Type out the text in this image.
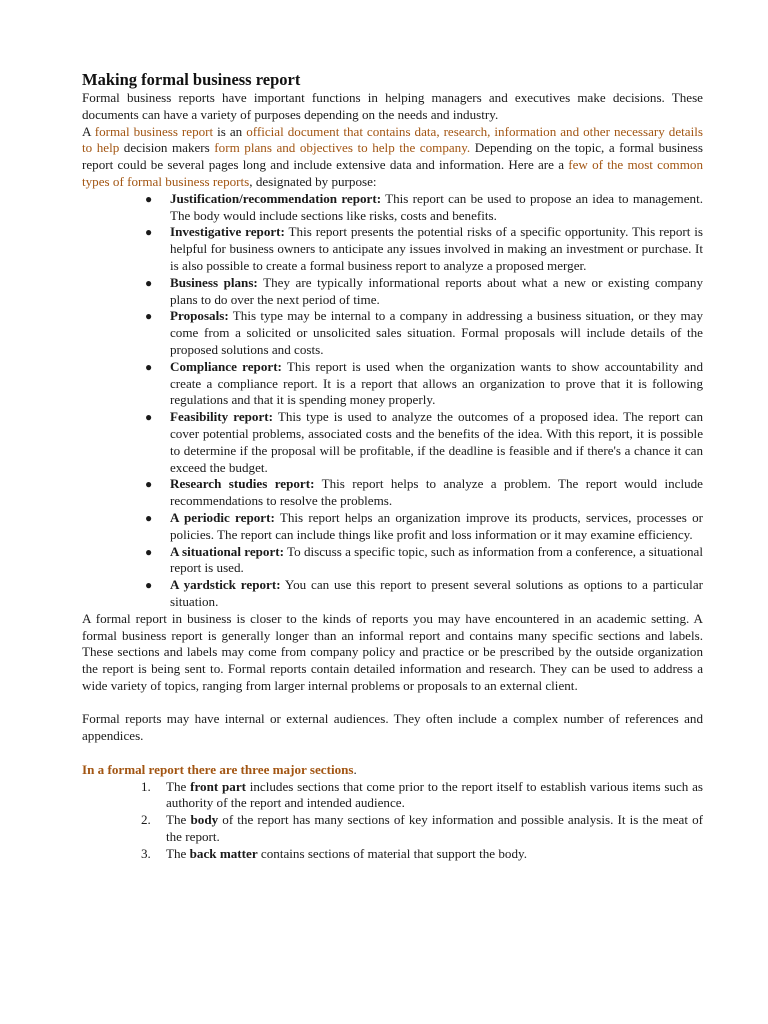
Making formal business report

Formal business reports have important functions in helping managers and executives make decisions. These documents can have a variety of purposes depending on the needs and industry.

A formal business report is an official document that contains data, research, information and other necessary details to help decision makers form plans and objectives to help the company. Depending on the topic, a formal business report could be several pages long and include extensive data and information. Here are a few of the most common types of formal business reports, designated by purpose:

● Justification/recommendation report: This report can be used to propose an idea to management. The body would include sections like risks, costs and benefits.
● Investigative report: This report presents the potential risks of a specific opportunity. This report is helpful for business owners to anticipate any issues involved in making an investment or purchase. It is also possible to create a formal business report to analyze a proposed merger.
● Business plans: They are typically informational reports about what a new or existing company plans to do over the next period of time.
● Proposals: This type may be internal to a company in addressing a business situation, or they may come from a solicited or unsolicited sales situation. Formal proposals will include details of the proposed solutions and costs.
● Compliance report: This report is used when the organization wants to show accountability and create a compliance report. It is a report that allows an organization to prove that it is following regulations and that it is spending money properly.
● Feasibility report: This type is used to analyze the outcomes of a proposed idea. The report can cover potential problems, associated costs and the benefits of the idea. With this report, it is possible to determine if the proposal will be profitable, if the deadline is feasible and if there's a chance it can exceed the budget.
● Research studies report: This report helps to analyze a problem. The report would include recommendations to resolve the problems.
● A periodic report: This report helps an organization improve its products, services, processes or policies. The report can include things like profit and loss information or it may examine efficiency.
● A situational report: To discuss a specific topic, such as information from a conference, a situational report is used.
● A yardstick report: You can use this report to present several solutions as options to a particular situation.

A formal report in business is closer to the kinds of reports you may have encountered in an academic setting. A formal business report is generally longer than an informal report and contains many specific sections and labels. These sections and labels may come from company policy and practice or be prescribed by the outside organization the report is being sent to. Formal reports contain detailed information and research. They can be used to address a wide variety of topics, ranging from larger internal problems or proposals to an external client.

Formal reports may have internal or external audiences. They often include a complex number of references and appendices.

In a formal report there are three major sections.

1. The front part includes sections that come prior to the report itself to establish various items such as authority of the report and intended audience.
2. The body of the report has many sections of key information and possible analysis. It is the meat of the report.
3. The back matter contains sections of material that support the body.
